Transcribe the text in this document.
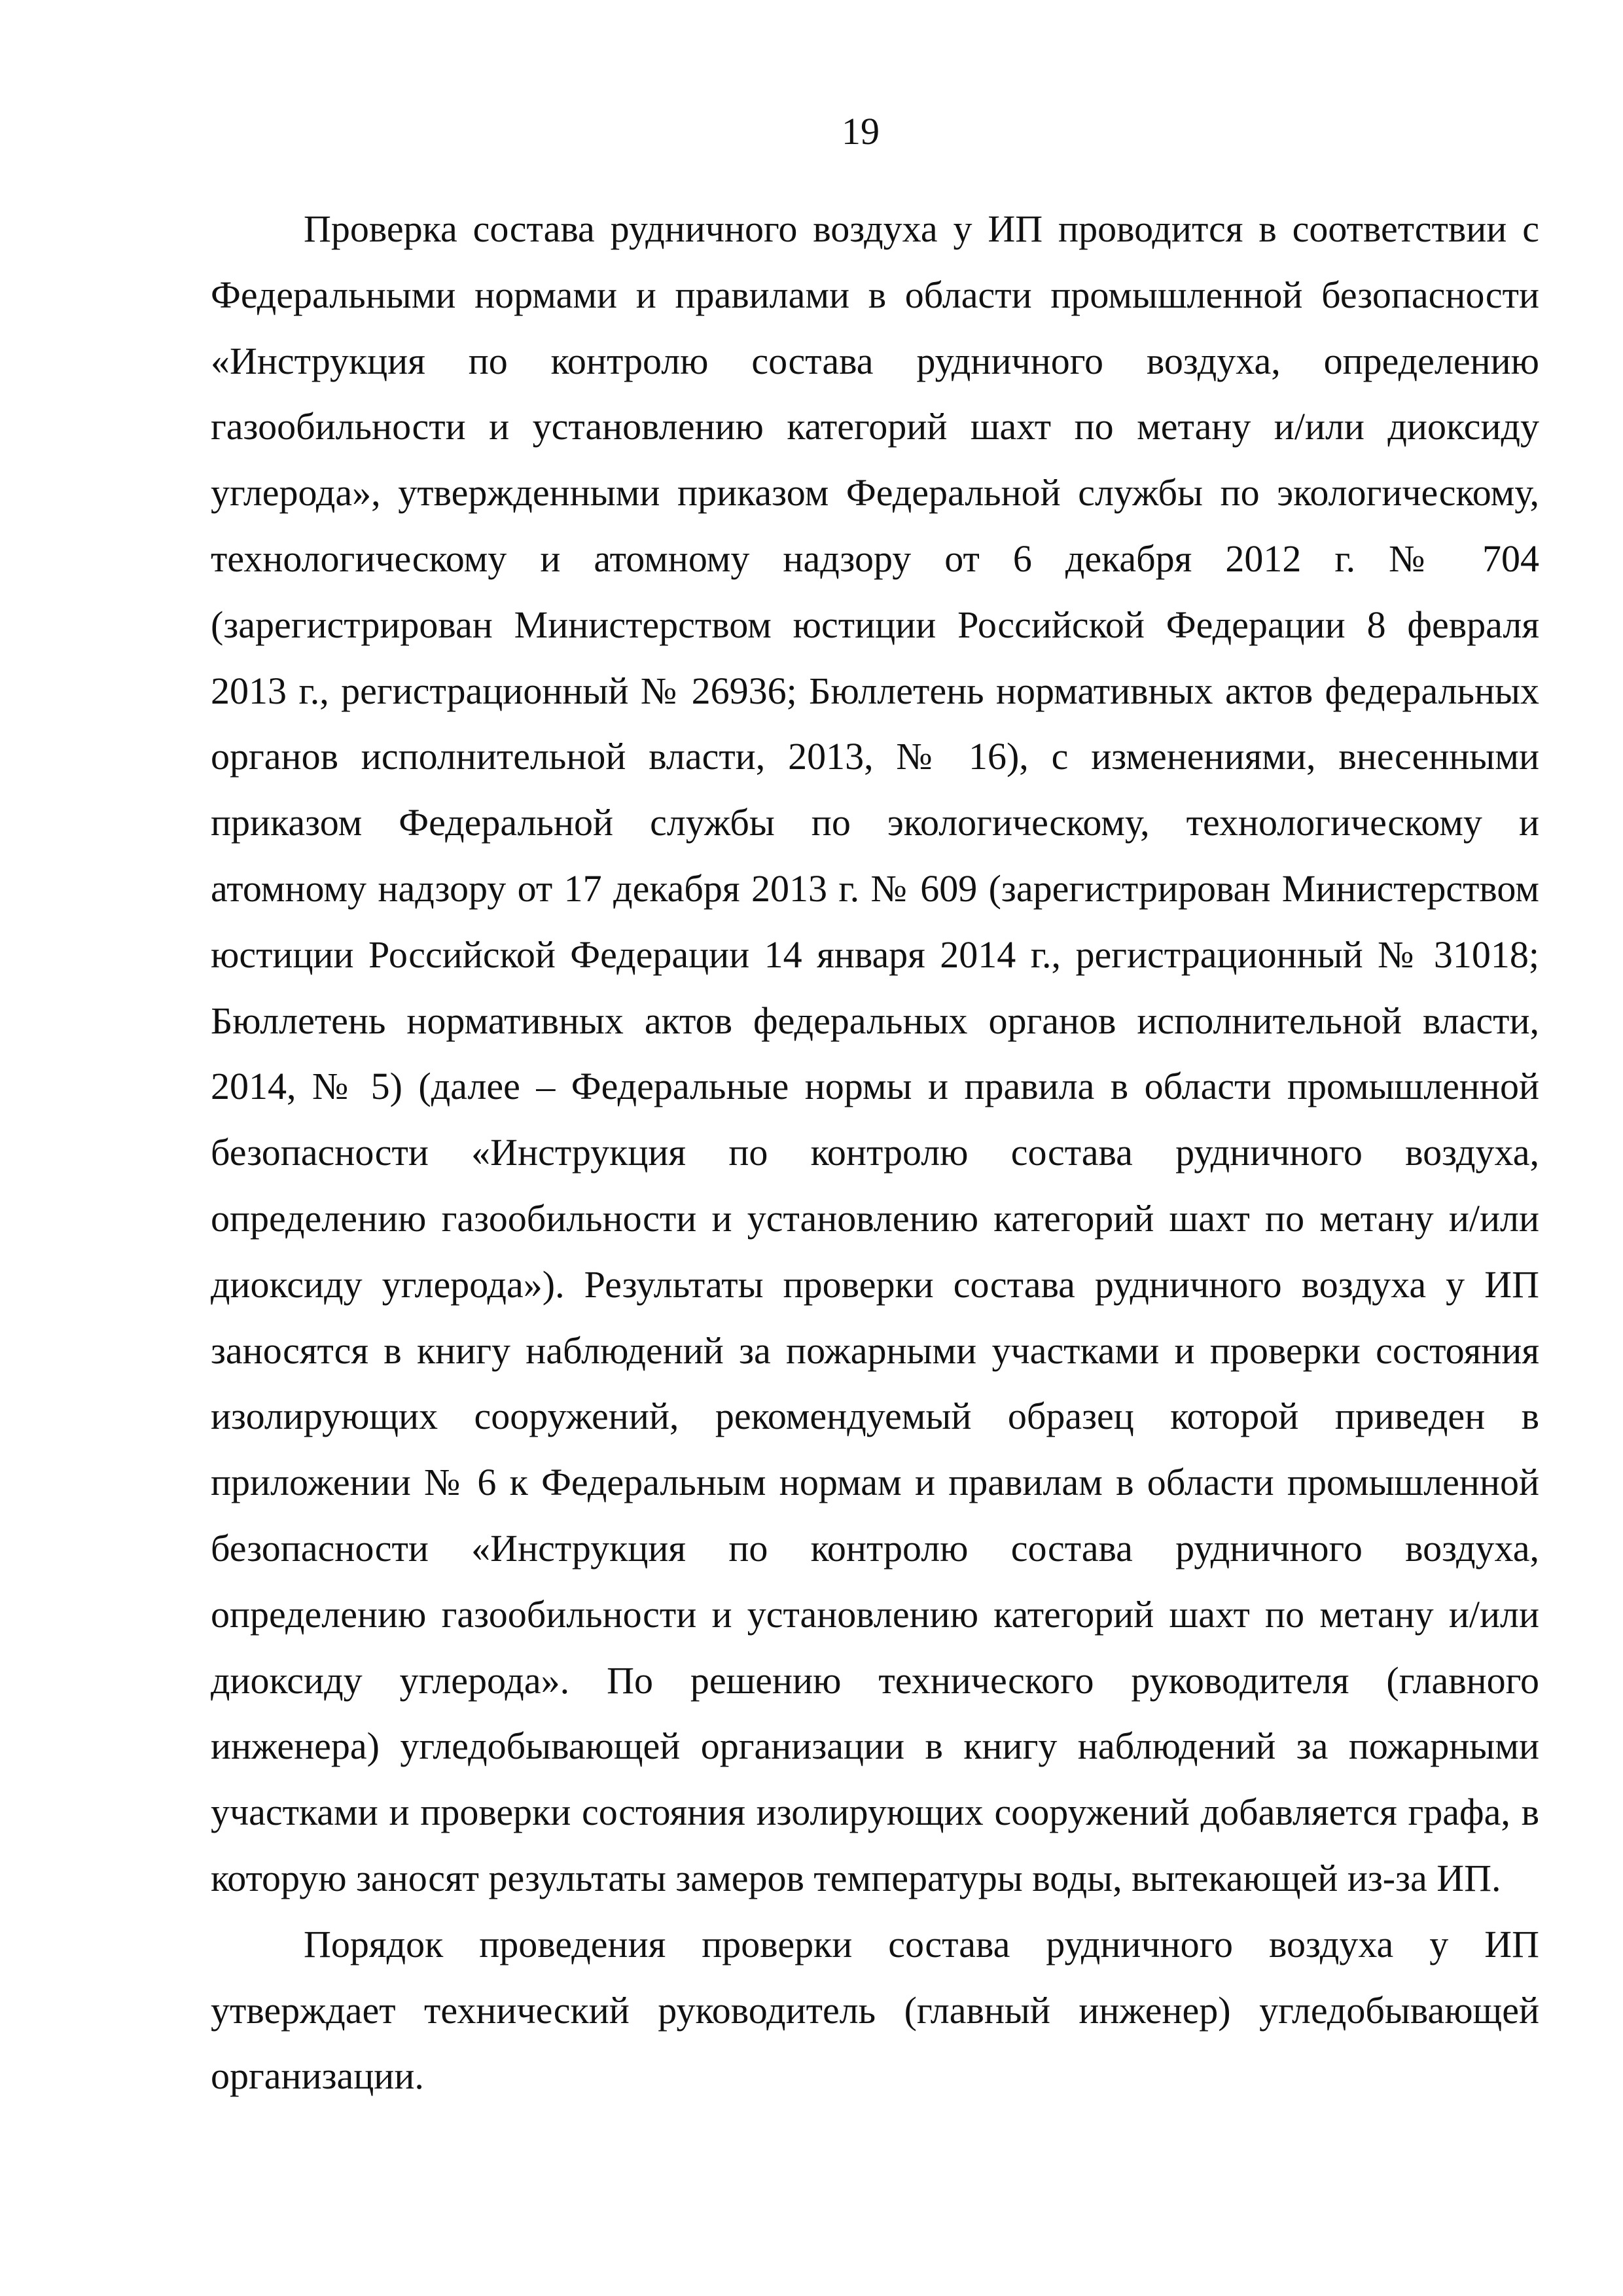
19

Проверка состава рудничного воздуха у ИП проводится в соответствии с Федеральными нормами и правилами в области промышленной безопасности «Инструкция по контролю состава рудничного воздуха, определению газообильности и установлению категорий шахт по метану и/или диоксиду углерода», утвержденными приказом Федеральной службы по экологическому, технологическому и атомному надзору от 6 декабря 2012 г. № 704 (зарегистрирован Министерством юстиции Российской Федерации 8 февраля 2013 г., регистрационный № 26936; Бюллетень нормативных актов федеральных органов исполнительной власти, 2013, № 16), с изменениями, внесенными приказом Федеральной службы по экологическому, технологическому и атомному надзору от 17 декабря 2013 г. № 609 (зарегистрирован Министерством юстиции Российской Федерации 14 января 2014 г., регистрационный № 31018; Бюллетень нормативных актов федеральных органов исполнительной власти, 2014, № 5) (далее – Федеральные нормы и правила в области промышленной безопасности «Инструкция по контролю состава рудничного воздуха, определению газообильности и установлению категорий шахт по метану и/или диоксиду углерода»). Результаты проверки состава рудничного воздуха у ИП заносятся в книгу наблюдений за пожарными участками и проверки состояния изолирующих сооружений, рекомендуемый образец которой приведен в приложении № 6 к Федеральным нормам и правилам в области промышленной безопасности «Инструкция по контролю состава рудничного воздуха, определению газообильности и установлению категорий шахт по метану и/или диоксиду углерода». По решению технического руководителя (главного инженера) угледобывающей организации в книгу наблюдений за пожарными участками и проверки состояния изолирующих сооружений добавляется графа, в которую заносят результаты замеров температуры воды, вытекающей из-за ИП.

Порядок проведения проверки состава рудничного воздуха у ИП утверждает технический руководитель (главный инженер) угледобывающей организации.
